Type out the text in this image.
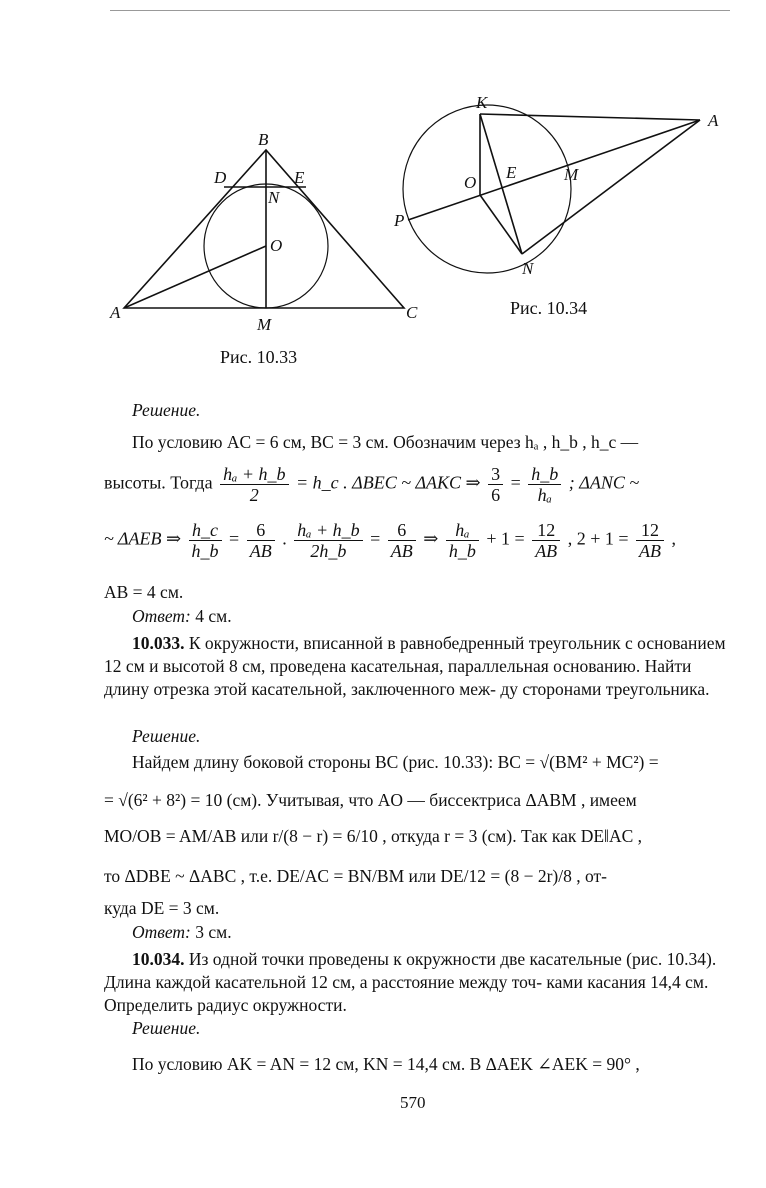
B
D	E
N
O
A
M
C
Рис. 10.33
K
A
O
E	M
P
N
Рис. 10.34
Решение.
По условию AC = 6 см, BC = 3 см. Обозначим через hₐ , h_b , h_c —
высоты. Тогда $\frac{\text{hₐ + h\_b}}{2}$ = h_c . ΔBEC ~ ΔAKC ⇒ $\frac{3}{6} = \frac{h\_b}{\text{hₐ}}$ ; ΔANC ~
~ ΔAEB ⇒ $\frac{h\_c}{h\_b} = \frac{6}{AB}$ . $\frac{\text{hₐ + h\_b}}{2h\_b} = \frac{6}{AB}$ ⇒ $\frac{\text{hₐ}}{h\_b} + 1 = \frac{12}{AB}$ , $2 + 1 = \frac{12}{AB}$ ,
AB = 4 см.
Ответ: 4 см.
10.033. К окружности, вписанной в равнобедренный треугольник с основанием 12 см и высотой 8 см, проведена касательная, параллельная основанию. Найти длину отрезка этой касательной, заключенного меж- ду сторонами треугольника.
Решение.
Найдем длину боковой стороны BC (рис. 10.33): BC = √(BM² + MC²) =
= √(6² + 8²) = 10 (см). Учитывая, что AO — биссектриса ΔABM , имеем
MO/OB = AM/AB или r/(8 − r) = 6/10 , откуда r = 3 (см). Так как DE‖AC ,
то ΔDBE ~ ΔABC , т.е. DE/AC = BN/BM или DE/12 = (8 − 2r)/8 , от-
куда DE = 3 см.
Ответ: 3 см.
10.034. Из одной точки проведены к окружности две касательные (рис. 10.34). Длина каждой касательной 12 см, а расстояние между точ- ками касания 14,4 см. Определить радиус окружности.
Решение.
По условию AK = AN = 12 см, KN = 14,4 см. В ΔAEK ∠AEK = 90° ,
570
